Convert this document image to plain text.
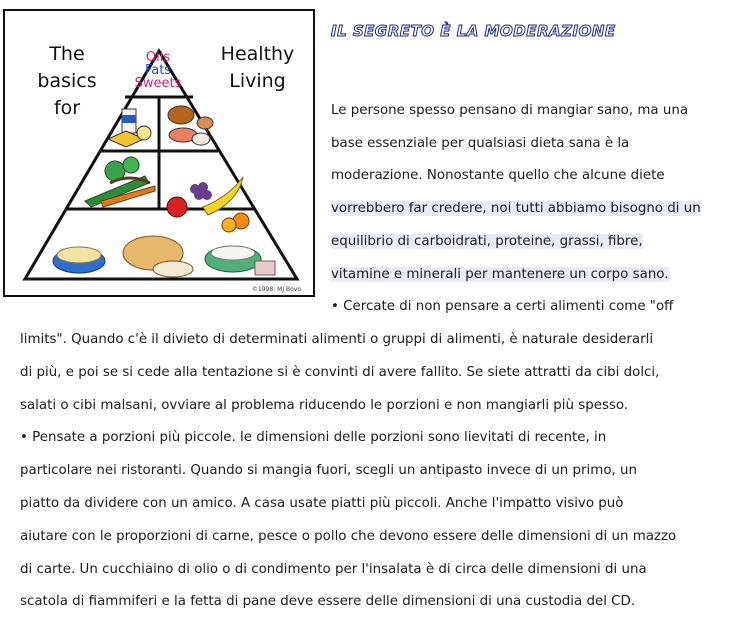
The basics
for
Healthy
Living
Oils
Fats
Sweets
©1998: MJ Bovo
IL SEGRETO È LA MODERAZIONE
Le persone spesso pensano di mangiar sano, ma una
base essenziale per qualsiasi dieta sana è la
moderazione. Nonostante quello che alcune diete
vorrebbero far credere, noi tutti abbiamo bisogno di un
equilibrio di carboidrati, proteine, grassi, fibre,
vitamine e minerali per mantenere un corpo sano.
• Cercate di non pensare a certi alimenti come "off
limits". Quando c'è il divieto di determinati alimenti o gruppi di alimenti, è naturale desiderarli
di più, e poi se si cede alla tentazione si è convinti di avere fallito. Se siete attratti da cibi dolci,
salati o cibi malsani, ovviare al problema riducendo le porzioni e non mangiarli più spesso.
• Pensate a porzioni più piccole. le dimensioni delle porzioni sono lievitati di recente, in
particolare nei ristoranti. Quando si mangia fuori, scegli un antipasto invece di un primo, un
piatto da dividere con un amico. A casa usate piatti più piccoli. Anche l'impatto visivo può
aiutare con le proporzioni di carne, pesce o pollo che devono essere delle dimensioni di un mazzo
di carte. Un cucchiaino di olio o di condimento per l'insalata è di circa delle dimensioni di una
scatola di fiammiferi e la fetta di pane deve essere delle dimensioni di una custodia del CD.
